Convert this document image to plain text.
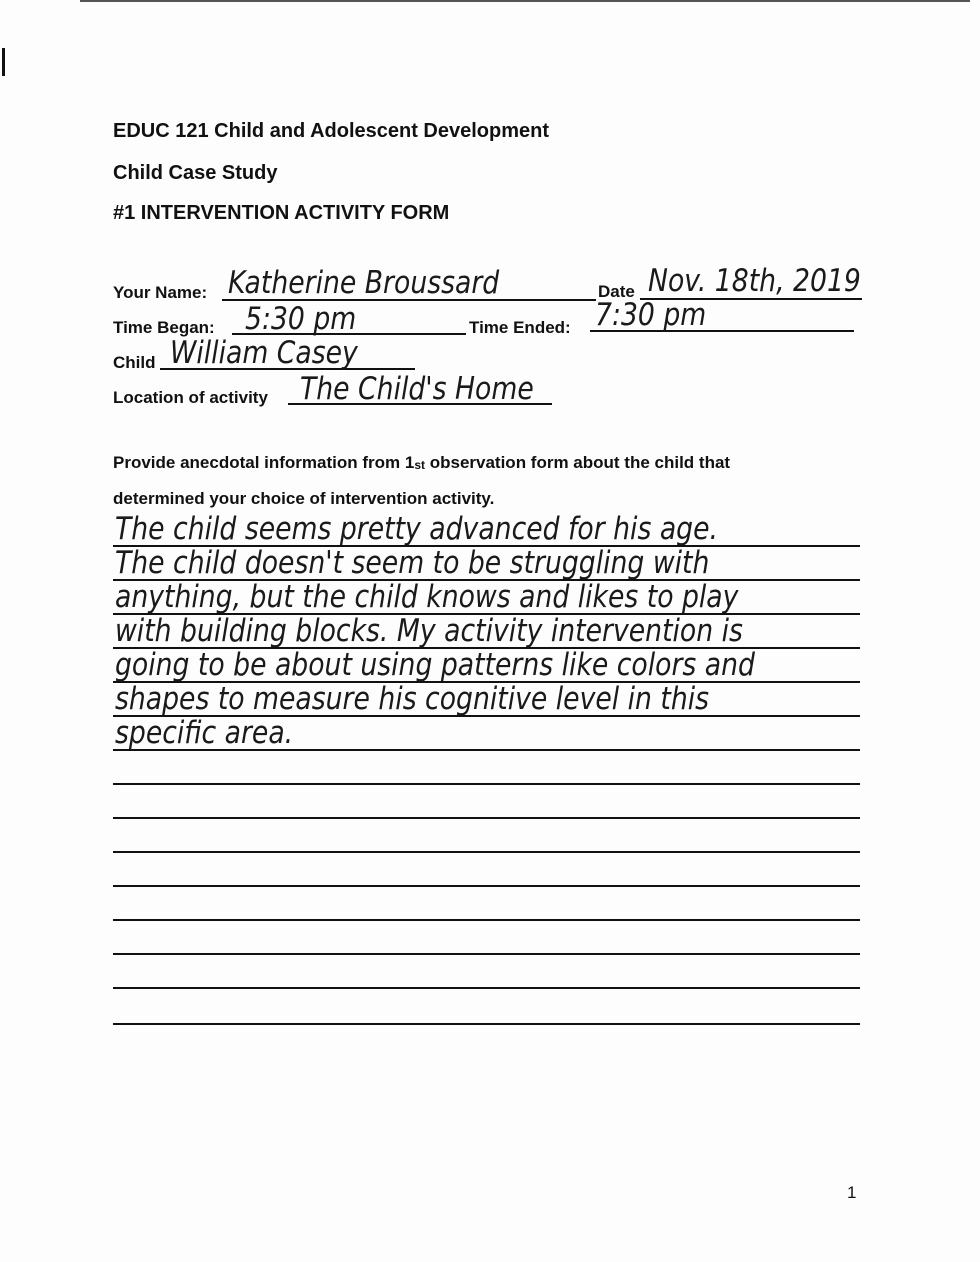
EDUC 121 Child and Adolescent Development
Child Case Study
#1 INTERVENTION ACTIVITY FORM
Your Name: Katherine Broussard	Date Nov. 18th, 2019
Time Began: 5:30 pm	Time Ended: 7:30 pm
Child William Casey
Location of activity The Child's Home
Provide anecdotal information from $1_{st}$ observation form about the child that
determined your choice of intervention activity.
The child seems pretty advanced for his age.
The child doesn't seem to be struggling with
anything, but the child knows and likes to play
with building blocks. My activity intervention is
going to be about using patterns like colors and
shapes to measure his cognitive level in this
specific area.
1
